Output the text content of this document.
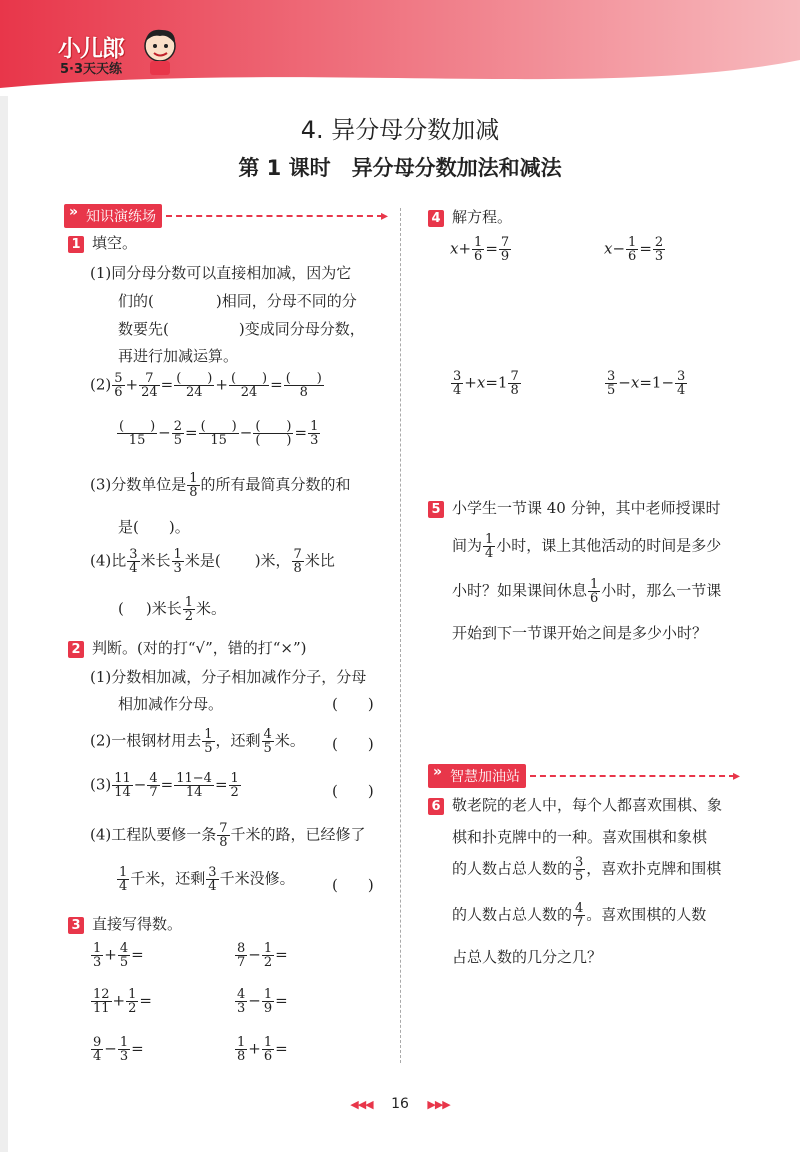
小儿郎
5·3天天练
4. 异分母分数加减
第 1 课时　异分母分数加法和减法
» 知识演练场	▸
1 填空。
(1)同分母分数可以直接相加减，因为它
们的(	)相同，分母不同的分
数要先(	)变成同分母分数，
再进行加减运算。
$(2) \frac{5}{6} + \frac{7}{24} = \frac{( )}{24} + \frac{( )}{24} = \frac{( )}{8}$
$\frac{( )}{15} - \frac{2}{5} = \frac{( )}{15} - \frac{( )}{( )} = \frac{1}{3}$
(3)分数单位是 $\frac{1}{8}$ 的所有最简真分数的和
是(　　)。
(4)比 $\frac{3}{4}$ 米长 $\frac{1}{3}$ 米是( )米， $\frac{7}{8}$ 米比
( )米长 $\frac{1}{2}$ 米。
2 判断。(对的打“√”，错的打“×”)
(1)分数相加减，分子相加减作分子，分母
相加减作分母。	(　　)
(2)一根钢材用去 $\frac{1}{5}$ ，还剩 $\frac{4}{5}$ 米。 (　　)
$(3) \frac{11}{14} - \frac{4}{7} = \frac{11-4}{14} = \frac{1}{2}$	(　　)
(4)工程队要修一条 $\frac{7}{8}$ 千米的路，已经修了
$\frac{1}{4}$ 千米，还剩 $\frac{3}{4}$ 千米没修。 (　　)
3 直接写得数。
$\frac{1}{3} + \frac{4}{5}$ =	$\frac{8}{7} - \frac{1}{2}$ =
$\frac{12}{11} + \frac{1}{2}$ =	$\frac{4}{3} - \frac{1}{9}$ =
$\frac{9}{4} - \frac{1}{3}$ =	$\frac{1}{8} + \frac{1}{6}$ =
4 解方程。
$x+ \frac{1}{6} = \frac{7}{9}$	$x- \frac{1}{6} = \frac{2}{3}$
$\frac{3}{4} +x=1 \frac{7}{8}$	$\frac{3}{5} -x=1- \frac{3}{4}$
5 小学生一节课 40 分钟，其中老师授课时
间为 $\frac{1}{4}$ 小时，课上其他活动的时间是多少
小时？如果课间休息 $\frac{1}{6}$ 小时，那么一节课
开始到下一节课开始之间是多少小时？
» 智慧加油站	▸
6 敬老院的老人中，每个人都喜欢围棋、象
棋和扑克牌中的一种。喜欢围棋和象棋
的人数占总人数的 $\frac{3}{5}$ ，喜欢扑克牌和围棋
的人数占总人数的 $\frac{4}{7}$ 。喜欢围棋的人数
占总人数的几分之几？
◀◀◀ 16 ▶▶▶
